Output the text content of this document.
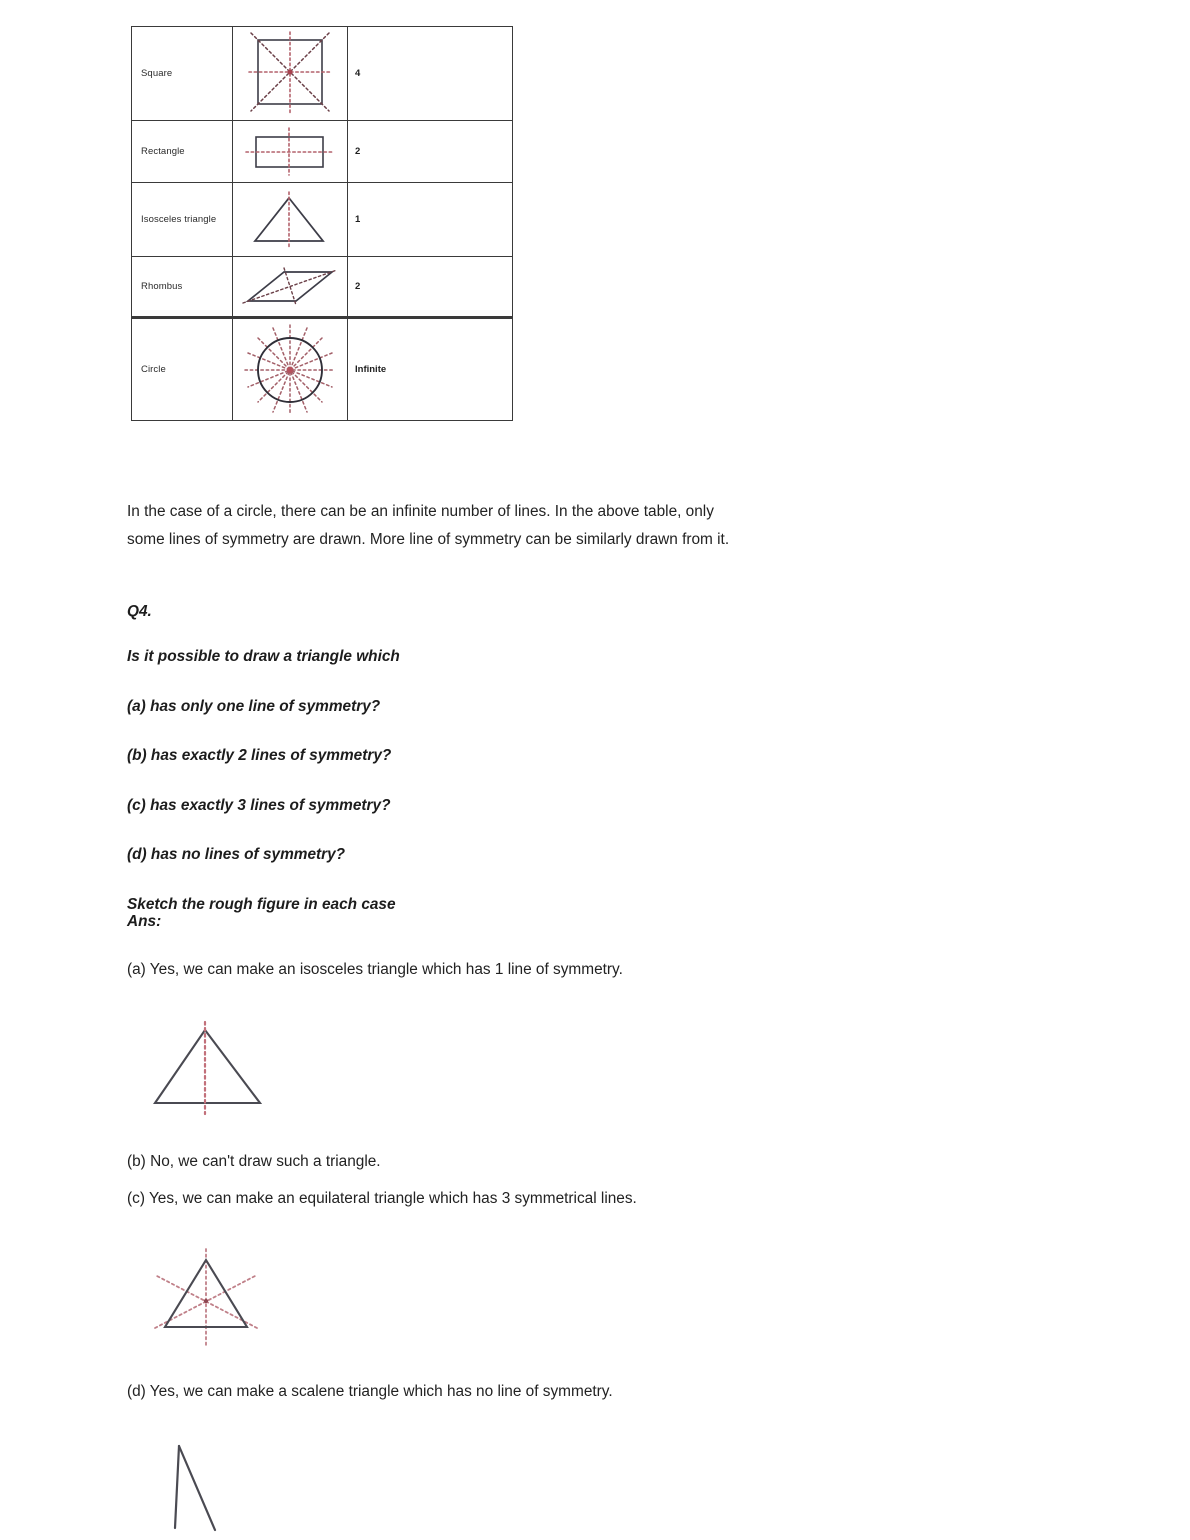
Square		4

Rectangle		2

Isosceles triangle		1

Rhombus		2

Circle		Infinite

In the case of a circle, there can be an infinite number of lines. In the above table, only some lines of symmetry are drawn. More line of symmetry can be similarly drawn from it.

Q4.

Is it possible to draw a triangle which

(a) has only one line of symmetry?

(b) has exactly 2 lines of symmetry?

(c) has exactly 3 lines of symmetry?

(d) has no lines of symmetry?

Sketch the rough figure in each case

Ans:

(a) Yes, we can make an isosceles triangle which has 1 line of symmetry.

(b) No, we can't draw such a triangle.

(c) Yes, we can make an equilateral triangle which has 3 symmetrical lines.

(d) Yes, we can make a scalene triangle which has no line of symmetry.
